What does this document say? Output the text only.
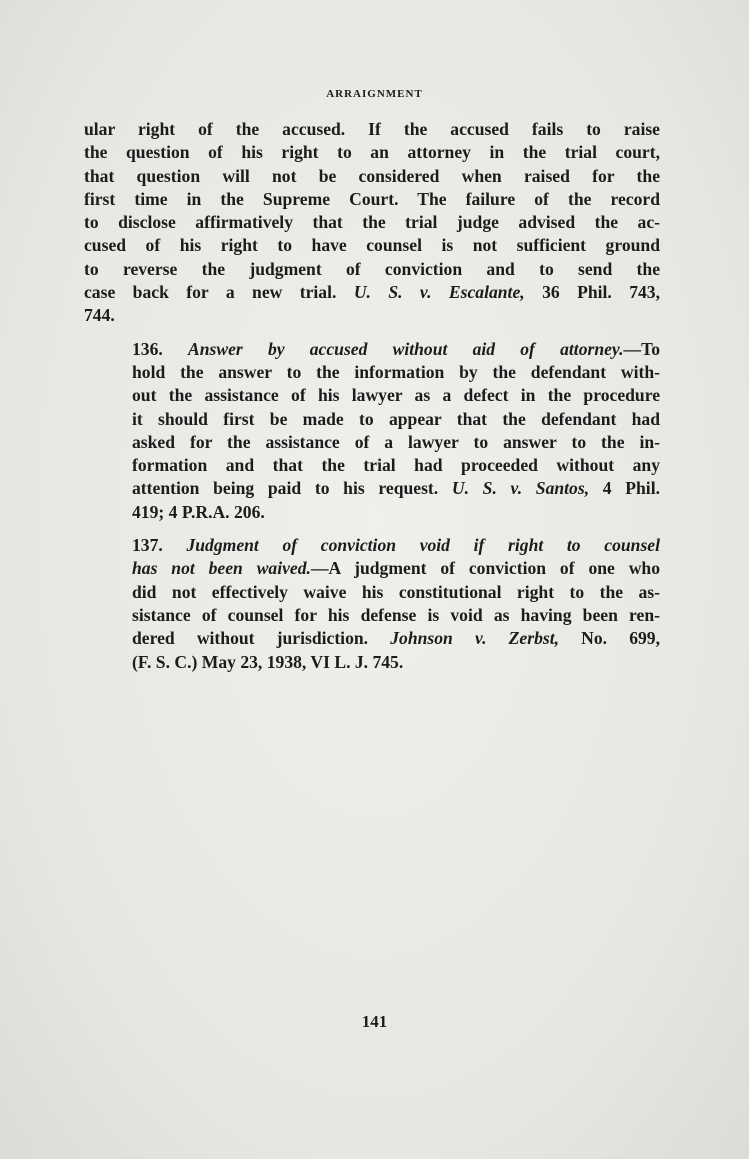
ARRAIGNMENT

ular right of the accused. If the accused fails to raise
the question of his right to an attorney in the trial court,
that question will not be considered when raised for the
first time in the Supreme Court. The failure of the record
to disclose affirmatively that the trial judge advised the ac-
cused of his right to have counsel is not sufficient ground
to reverse the judgment of conviction and to send the
case back for a new trial. U. S. v. Escalante, 36 Phil. 743,
744.

136. Answer by accused without aid of attorney.—To
hold the answer to the information by the defendant with-
out the assistance of his lawyer as a defect in the procedure
it should first be made to appear that the defendant had
asked for the assistance of a lawyer to answer to the in-
formation and that the trial had proceeded without any
attention being paid to his request. U. S. v. Santos, 4 Phil.
419; 4 P.R.A. 206.

137. Judgment of conviction void if right to counsel
has not been waived.—A judgment of conviction of one who
did not effectively waive his constitutional right to the as-
sistance of counsel for his defense is void as having been ren-
dered without jurisdiction. Johnson v. Zerbst, No. 699,
(F. S. C.) May 23, 1938, VI L. J. 745.

141
